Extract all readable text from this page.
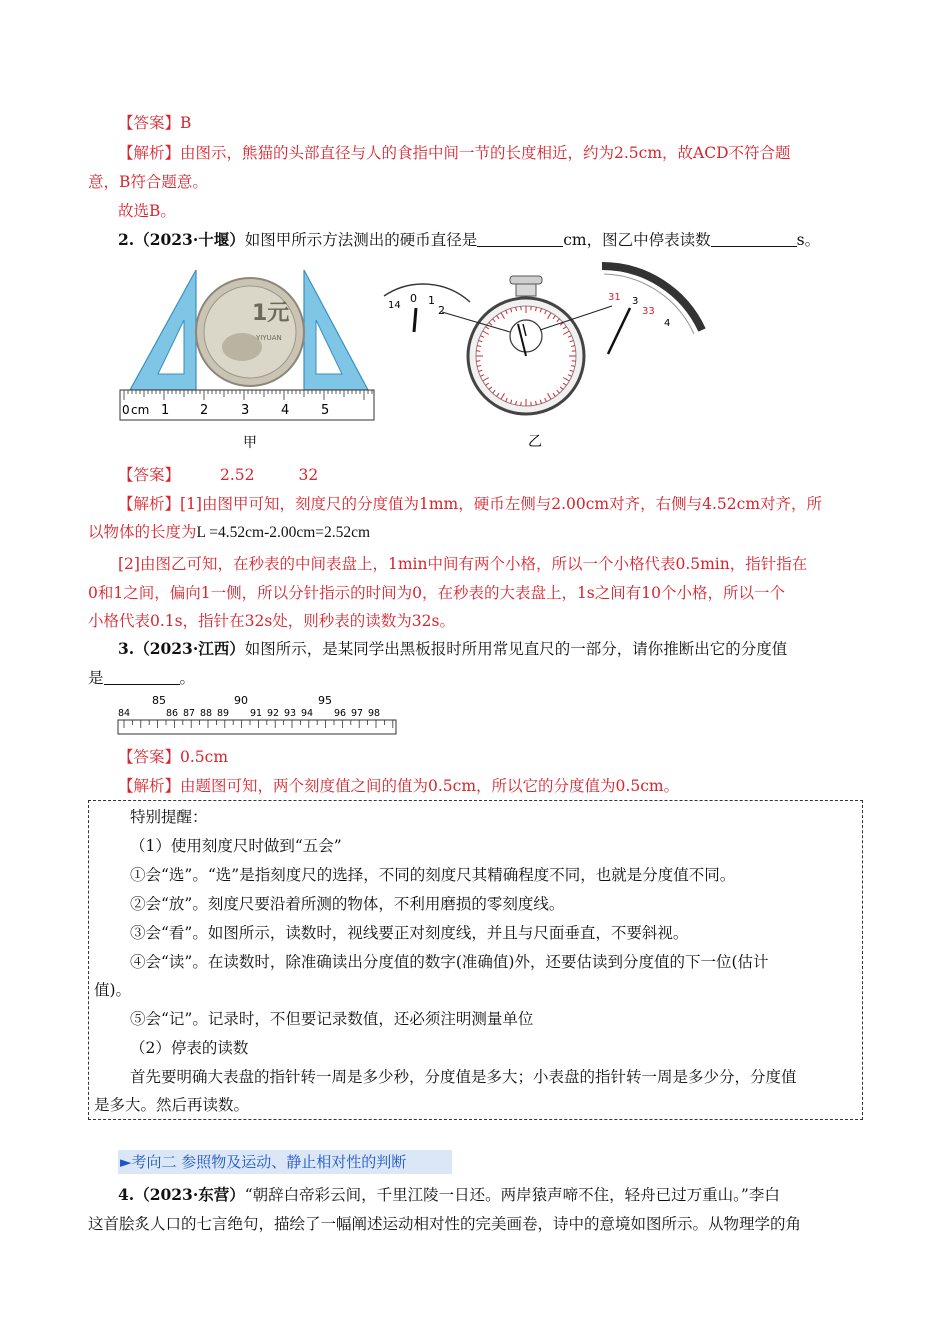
【答案】B
【解析】由图示，熊猫的头部直径与人的食指中间一节的长度相近，约为2.5cm，故ACD不符合题
意，B符合题意。
故选B。
2.（2023·十堰）如图甲所示方法测出的硬币直径是	cm，图乙中停表读数	s。
1元
YIYUAN
0 cm 1 2	3 4 5
甲
14
0 1
2
31
33
3
4
乙
【答案】	2.52	32
【解析】[1]由图甲可知，刻度尺的分度值为1mm，硬币左侧与2.00cm对齐，右侧与4.52cm对齐，所
以物体的长度为L =4.52cm-2.00cm=2.52cm
[2]由图乙可知，在秒表的中间表盘上，1min中间有两个小格，所以一个小格代表0.5min，指针指在
0和1之间，偏向1一侧，所以分针指示的时间为0，在秒表的大表盘上，1s之间有10个小格，所以一个
小格代表0.1s，指针在32s处，则秒表的读数为32s。
3.（2023·江西）如图所示，是某同学出黑板报时所用常见直尺的一部分，请你推断出它的分度值
是	。
85	90	95
84	86 87 88 89 91 92 93 94 96 97 98
【答案】0.5cm
【解析】由题图可知，两个刻度值之间的值为0.5cm，所以它的分度值为0.5cm。
特别提醒：
（1）使用刻度尺时做到“五会”
①会“选”。“选”是指刻度尺的选择，不同的刻度尺其精确程度不同，也就是分度值不同。
②会“放”。刻度尺要沿着所测的物体，不利用磨损的零刻度线。
③会“看”。如图所示，读数时，视线要正对刻度线，并且与尺面垂直，不要斜视。
④会“读”。在读数时，除准确读出分度值的数字(准确值)外，还要估读到分度值的下一位(估计
值)。
⑤会“记”。记录时，不但要记录数值，还必须注明测量单位
（2）停表的读数
首先要明确大表盘的指针转一周是多少秒，分度值是多大；小表盘的指针转一周是多少分，分度值
是多大。然后再读数。
►考向二 参照物及运动、静止相对性的判断
4.（2023·东营）“朝辞白帝彩云间，千里江陵一日还。两岸猿声啼不住，轻舟已过万重山。”李白
这首脍炙人口的七言绝句，描绘了一幅阐述运动相对性的完美画卷，诗中的意境如图所示。从物理学的角
